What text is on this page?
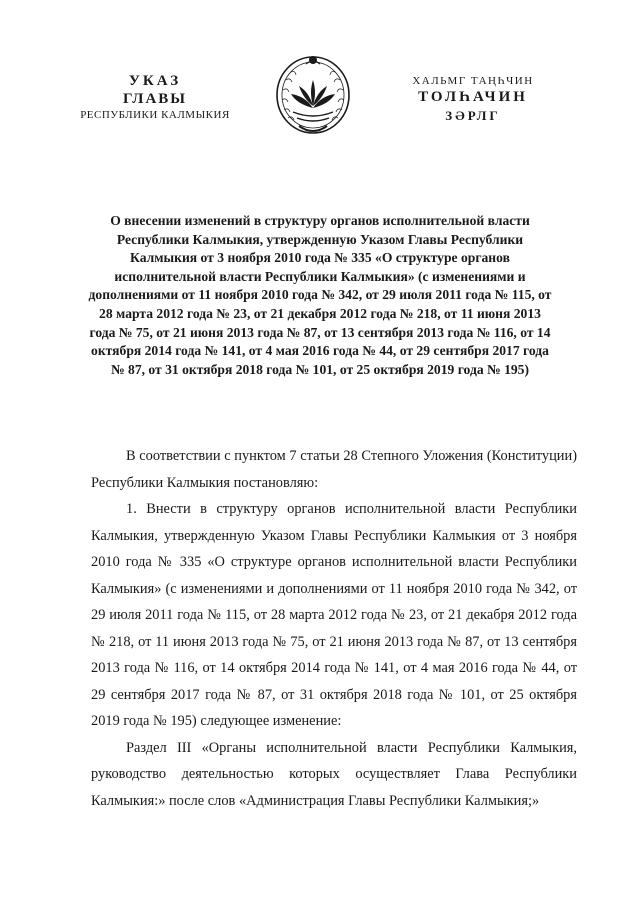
УКАЗ
ГЛАВЫ
РЕСПУБЛИКИ КАЛМЫКИЯ
ХАЛЬМГ ТАҢҺЧИН
ТОЛҺАЧИН
ЗӘРЛГ
О внесении изменений в структуру органов исполнительной власти Республики Калмыкия, утвержденную Указом Главы Республики Калмыкия от 3 ноября 2010 года № 335 «О структуре органов исполнительной власти Республики Калмыкия» (с изменениями и дополнениями от 11 ноября 2010 года № 342, от 29 июля 2011 года № 115, от 28 марта 2012 года № 23, от 21 декабря 2012 года № 218, от 11 июня 2013 года № 75, от 21 июня 2013 года № 87, от 13 сентября 2013 года № 116, от 14 октября 2014 года № 141, от 4 мая 2016 года № 44, от 29 сентября 2017 года № 87, от 31 октября 2018 года № 101, от 25 октября 2019 года № 195)

В соответствии с пунктом 7 статьи 28 Степного Уложения (Конституции) Республики Калмыкия постановляю:

1. Внести в структуру органов исполнительной власти Республики Калмыкия, утвержденную Указом Главы Республики Калмыкия от 3 ноября 2010 года № 335 «О структуре органов исполнительной власти Республики Калмыкия» (с изменениями и дополнениями от 11 ноября 2010 года № 342, от 29 июля 2011 года № 115, от 28 марта 2012 года № 23, от 21 декабря 2012 года № 218, от 11 июня 2013 года № 75, от 21 июня 2013 года № 87, от 13 сентября 2013 года № 116, от 14 октября 2014 года № 141, от 4 мая 2016 года № 44, от 29 сентября 2017 года № 87, от 31 октября 2018 года № 101, от 25 октября 2019 года № 195) следующее изменение:

Раздел III «Органы исполнительной власти Республики Калмыкия, руководство деятельностью которых осуществляет Глава Республики Калмыкия:» после слов «Администрация Главы Республики Калмыкия;»
